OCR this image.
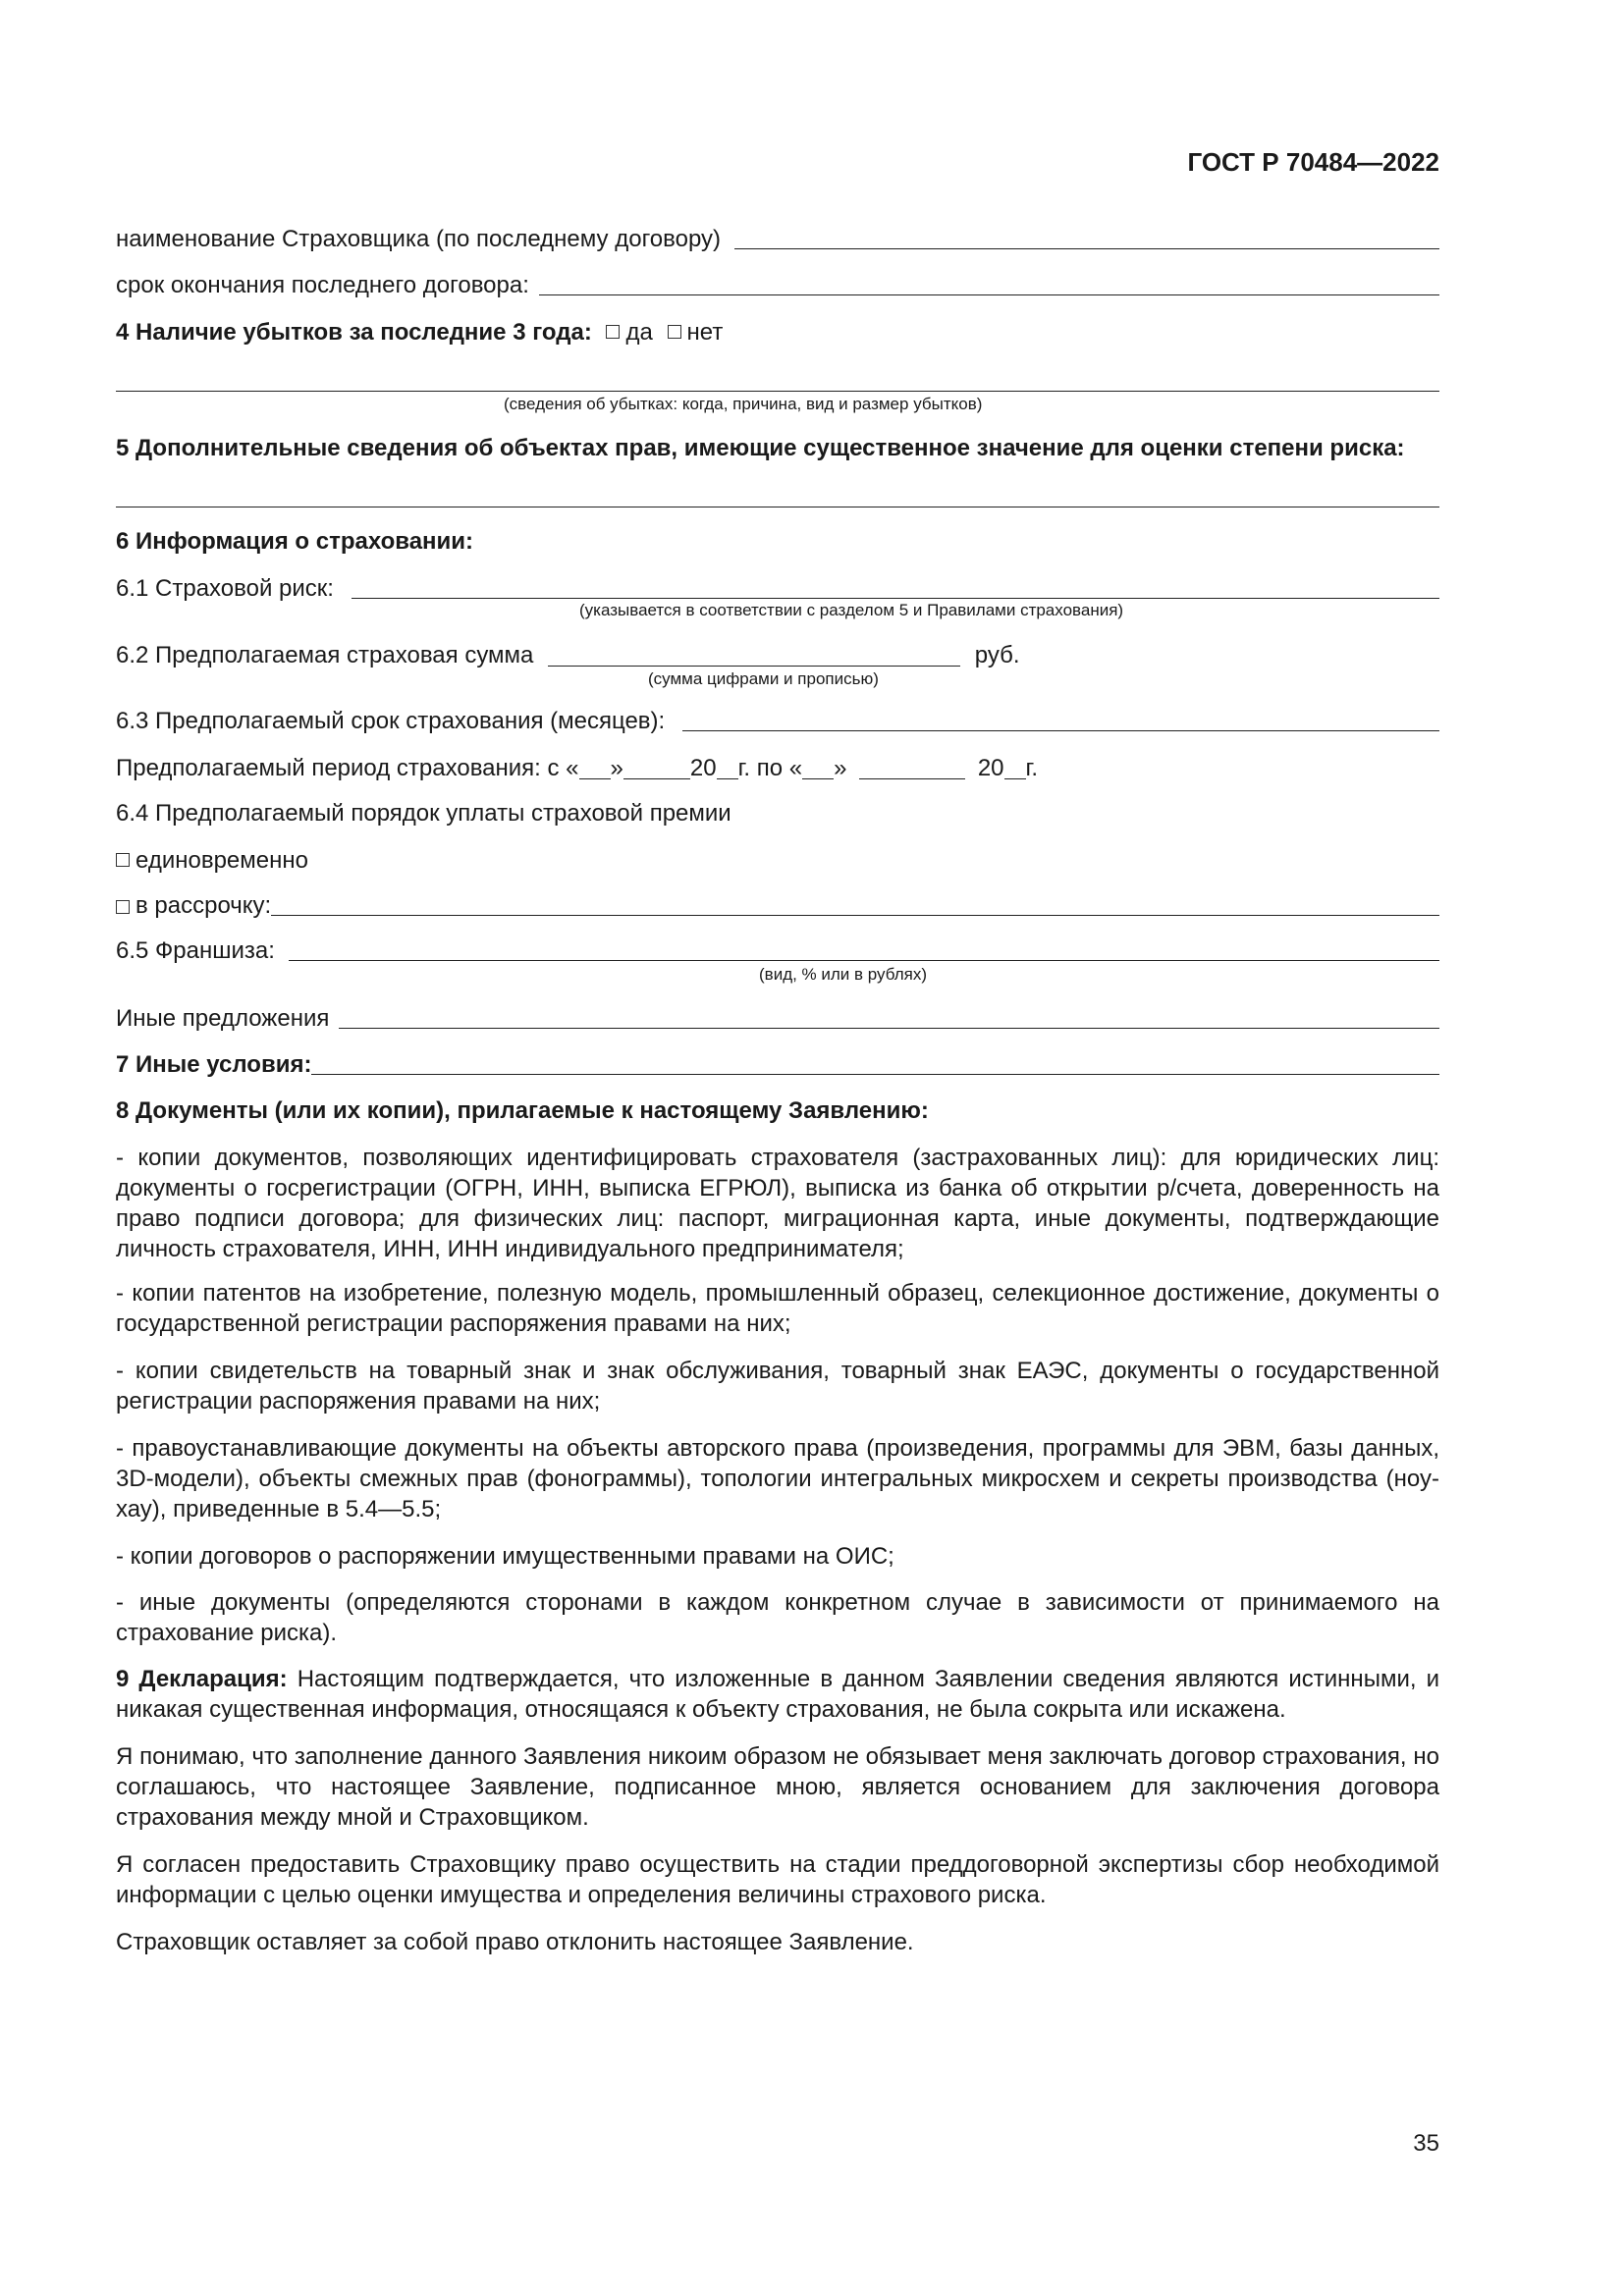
ГОСТ Р 70484—2022
наименование Страховщика (по последнему договору)
срок окончания последнего договора:
4 Наличие убытков за последние 3 года: да нет
(сведения об убытках: когда, причина, вид и размер убытков)
5 Дополнительные сведения об объектах прав, имеющие существенное значение для оценки степени риска:
6 Информация о страховании:
6.1 Страховой риск:
(указывается в соответствии с разделом 5 и Правилами страхования)
6.2 Предполагаемая страховая сумма	руб.
(сумма цифрами и прописью)
6.3 Предполагаемый срок страхования (месяцев):
Предполагаемый период страхования: с « »	20 г. по « »	20 г.
6.4 Предполагаемый порядок уплаты страховой премии
единовременно
в рассрочку:
6.5 Франшиза:
(вид, % или в рублях)
Иные предложения
7 Иные условия:
8 Документы (или их копии), прилагаемые к настоящему Заявлению:
- копии документов, позволяющих идентифицировать страхователя (застрахованных лиц): для юридических лиц: документы о госрегистрации (ОГРН, ИНН, выписка ЕГРЮЛ), выписка из банка об открытии р/счета, доверенность на право подписи договора; для физических лиц: паспорт, миграционная карта, иные документы, подтверждающие личность страхователя, ИНН, ИНН индивидуального предпринимателя;
- копии патентов на изобретение, полезную модель, промышленный образец, селекционное достижение, документы о государственной регистрации распоряжения правами на них;
- копии свидетельств на товарный знак и знак обслуживания, товарный знак ЕАЭС, документы о государственной регистрации распоряжения правами на них;
- правоустанавливающие документы на объекты авторского права (произведения, программы для ЭВМ, базы данных, 3D-модели), объекты смежных прав (фонограммы), топологии интегральных микросхем и секреты производства (ноу-хау), приведенные в 5.4—5.5;
- копии договоров о распоряжении имущественными правами на ОИС;
- иные документы (определяются сторонами в каждом конкретном случае в зависимости от принимаемого на страхование риска).
9 Декларация: Настоящим подтверждается, что изложенные в данном Заявлении сведения являются истинными, и никакая существенная информация, относящаяся к объекту страхования, не была сокрыта или искажена.
Я понимаю, что заполнение данного Заявления никоим образом не обязывает меня заключать договор страхования, но соглашаюсь, что настоящее Заявление, подписанное мною, является основанием для заключения договора страхования между мной и Страховщиком.
Я согласен предоставить Страховщику право осуществить на стадии преддоговорной экспертизы сбор необходимой информации с целью оценки имущества и определения величины страхового риска.
Страховщик оставляет за собой право отклонить настоящее Заявление.
35
